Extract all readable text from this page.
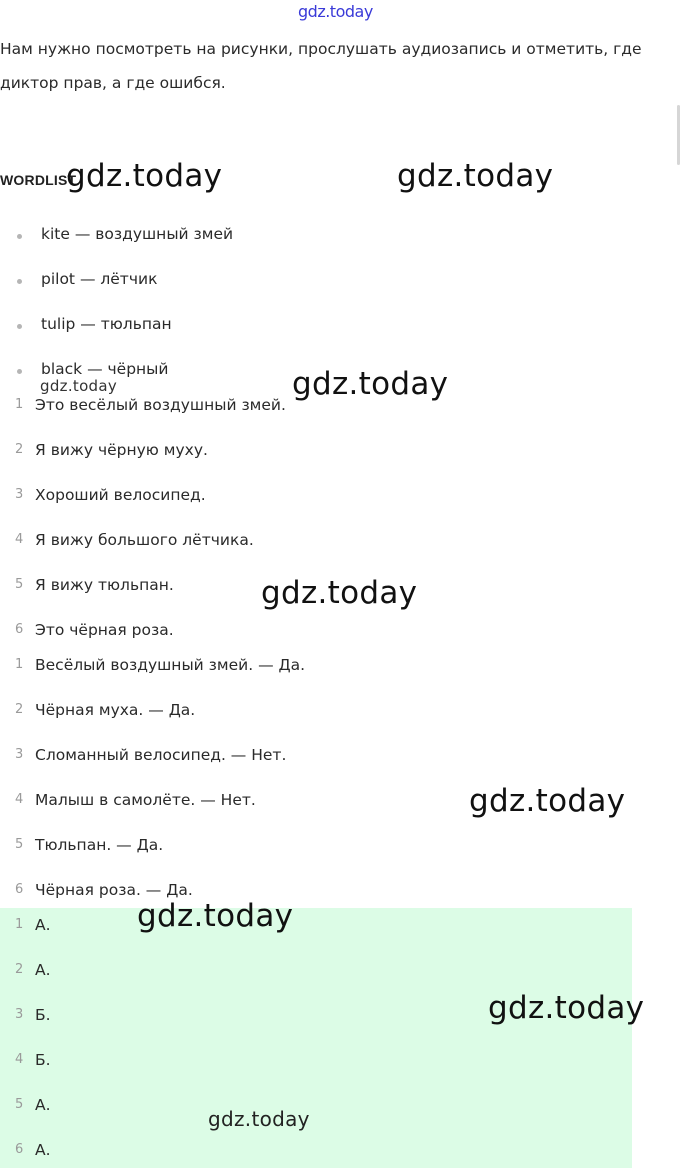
gdz.today
Нам нужно посмотреть на рисунки, прослушать аудиозапись и отметить, где диктор прав, а где ошибся.
WORDLIST
kite — воздушный змей
pilot — лётчик
tulip — тюльпан
black — чёрный
1 Это весёлый воздушный змей.
2 Я вижу чёрную муху.
3 Хороший велосипед.
4 Я вижу большого лётчика.
5 Я вижу тюльпан.
6 Это чёрная роза.
1 Весёлый воздушный змей. — Да.
2 Чёрная муха. — Да.
3 Сломанный велосипед. — Нет.
4 Малыш в самолёте. — Нет.
5 Тюльпан. — Да.
6 Чёрная роза. — Да.
1 А.
2 А.
3 Б.
4 Б.
5 А.
6 А.
gdz.today	gdz.today
gdz.today	gdz.today
gdz.today
gdz.today
gdz.today
gdz.today
gdz.today
